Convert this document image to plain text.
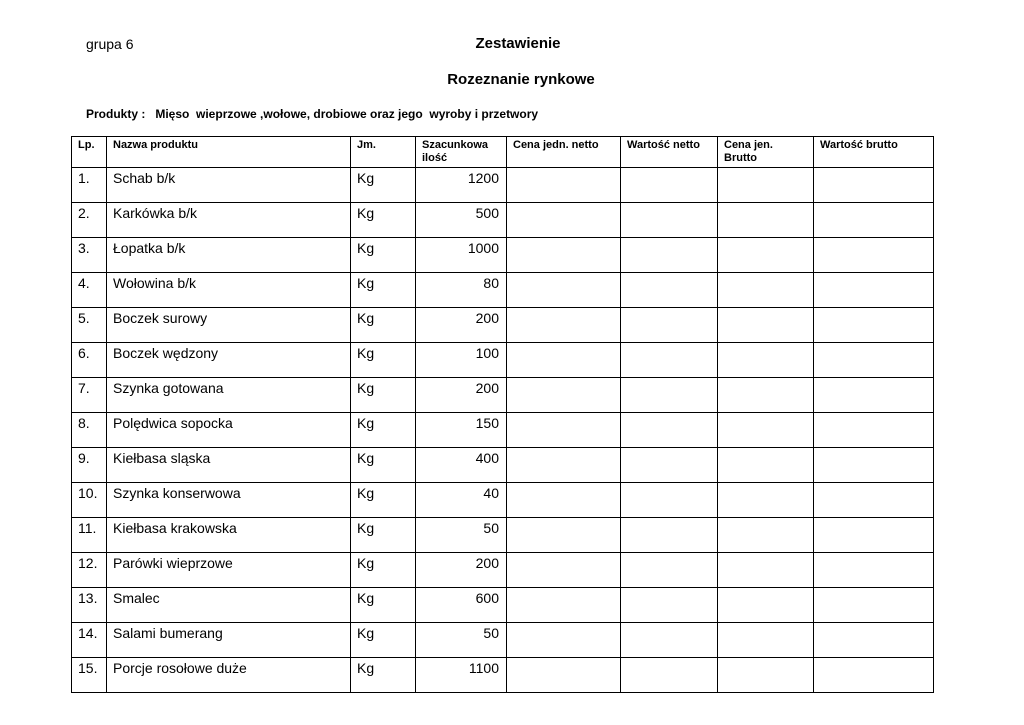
grupa 6	Zestawienie
Rozeznanie rynkowe
Produkty :   Mięso  wieprzowe ,wołowe, drobiowe oraz jego  wyroby i przetwory
Lp.	Nazwa produktu	Jm.	Szacunkowa ilość	Cena jedn. netto	Wartość netto	Cena jen. Brutto	Wartość brutto
1.	Schab b/k	Kg	1200				
2.	Karkówka b/k	Kg	500				
3.	Łopatka b/k	Kg	1000				
4.	Wołowina b/k	Kg	80				
5.	Boczek surowy	Kg	200				
6.	Boczek wędzony	Kg	100				
7.	Szynka gotowana	Kg	200				
8.	Polędwica sopocka	Kg	150				
9.	Kiełbasa sląska	Kg	400				
10.	Szynka konserwowa	Kg	40				
11.	Kiełbasa krakowska	Kg	50				
12.	Parówki wieprzowe	Kg	200				
13.	Smalec	Kg	600				
14.	Salami bumerang	Kg	50				
15.	Porcje rosołowe duże	Kg	1100				
